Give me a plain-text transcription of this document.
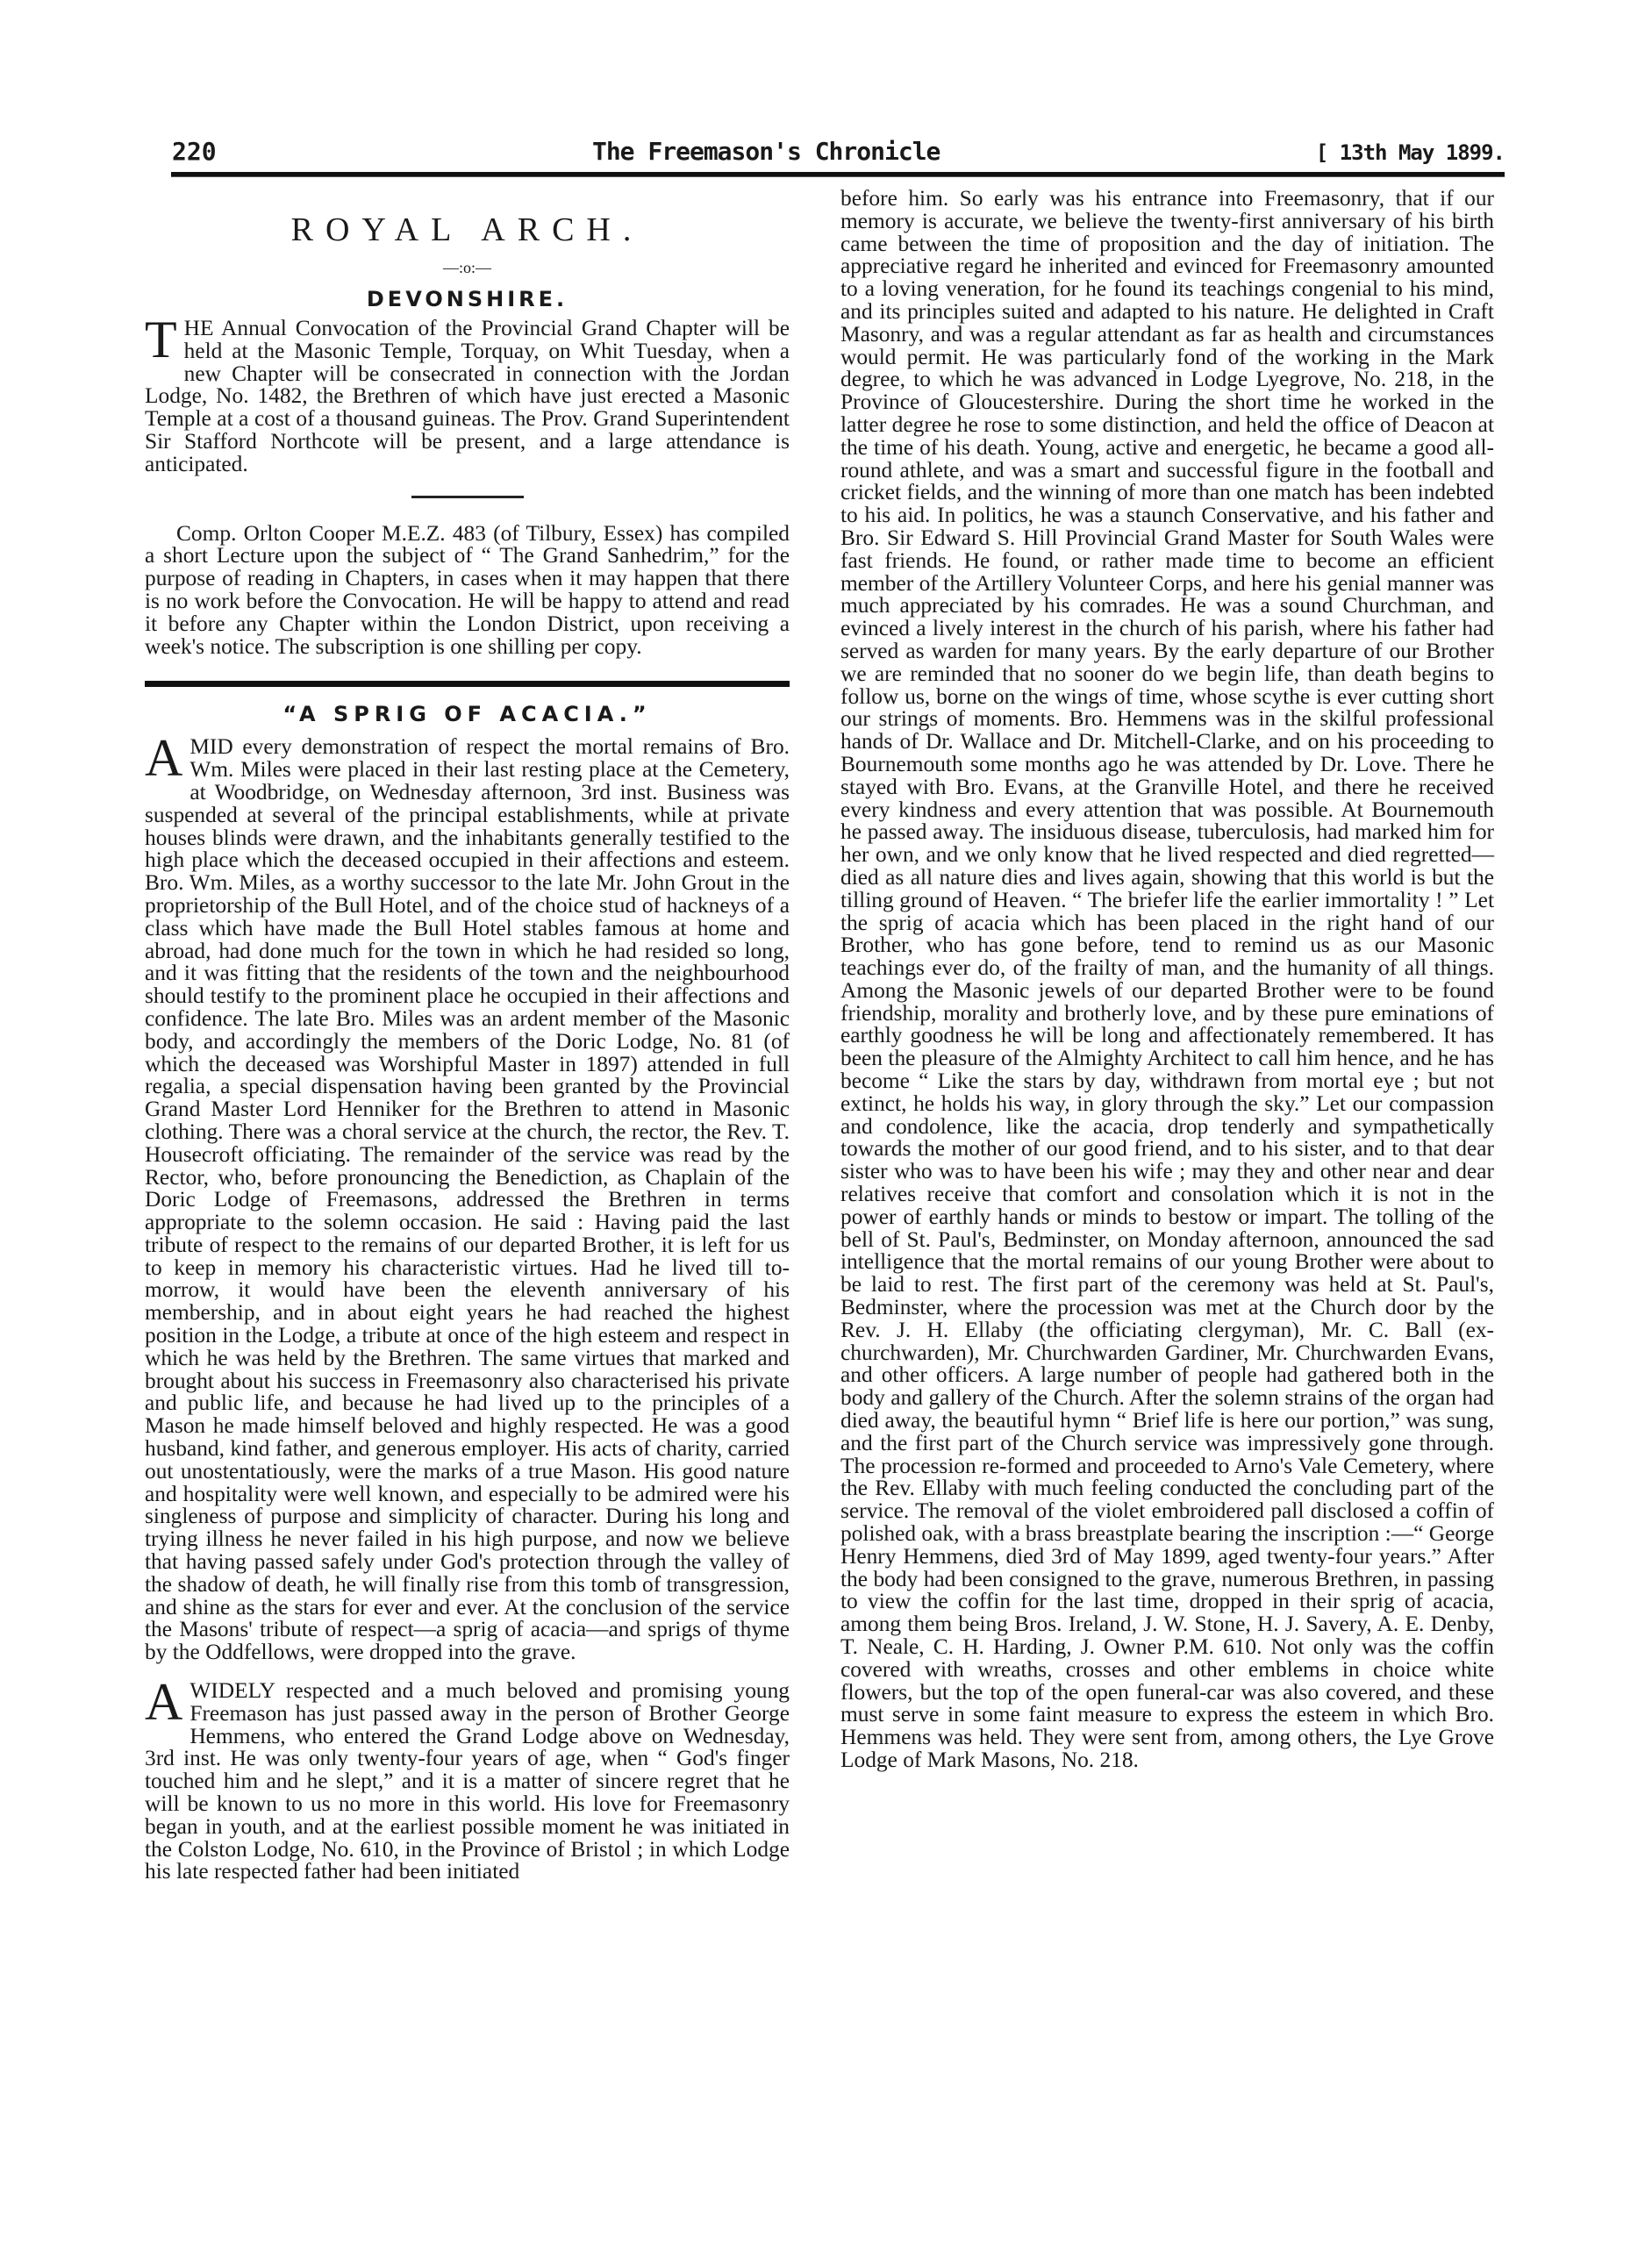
220	The Freemason's Chronicle	[ 13th May 1899.
ROYAL ARCH.
—:o:—
DEVONSHIRE.

THE Annual Convocation of the Provincial Grand Chapter will be held at the Masonic Temple, Torquay, on Whit Tuesday, when a new Chapter will be consecrated in connection with the Jordan Lodge, No. 1482, the Brethren of which have just erected a Masonic Temple at a cost of a thousand guineas. The Prov. Grand Superintendent Sir Stafford Northcote will be present, and a large attendance is anticipated.

Comp. Orlton Cooper M.E.Z. 483 (of Tilbury, Essex) has compiled a short Lecture upon the subject of “ The Grand Sanhedrim,” for the purpose of reading in Chapters, in cases when it may happen that there is no work before the Convocation. He will be happy to attend and read it before any Chapter within the London District, upon receiving a week's notice. The subscription is one shilling per copy.

“A SPRIG OF ACACIA.”

AMID every demonstration of respect the mortal remains of Bro. Wm. Miles were placed in their last resting place at the Cemetery, at Woodbridge, on Wednesday afternoon, 3rd inst. Business was suspended at several of the principal establishments, while at private houses blinds were drawn, and the inhabitants generally testified to the high place which the deceased occupied in their affections and esteem. Bro. Wm. Miles, as a worthy successor to the late Mr. John Grout in the proprietorship of the Bull Hotel, and of the choice stud of hackneys of a class which have made the Bull Hotel stables famous at home and abroad, had done much for the town in which he had resided so long, and it was fitting that the residents of the town and the neighbourhood should testify to the prominent place he occupied in their affections and confidence. The late Bro. Miles was an ardent member of the Masonic body, and accordingly the members of the Doric Lodge, No. 81 (of which the deceased was Worshipful Master in 1897) attended in full regalia, a special dispensation having been granted by the Provincial Grand Master Lord Henniker for the Brethren to attend in Masonic clothing. There was a choral service at the church, the rector, the Rev. T. Housecroft officiating. The remainder of the service was read by the Rector, who, before pronouncing the Benediction, as Chaplain of the Doric Lodge of Freemasons, addressed the Brethren in terms appropriate to the solemn occasion. He said : Having paid the last tribute of respect to the remains of our departed Brother, it is left for us to keep in memory his characteristic virtues. Had he lived till to-morrow, it would have been the eleventh anniversary of his membership, and in about eight years he had reached the highest position in the Lodge, a tribute at once of the high esteem and respect in which he was held by the Brethren. The same virtues that marked and brought about his success in Freemasonry also characterised his private and public life, and because he had lived up to the principles of a Mason he made himself beloved and highly respected. He was a good husband, kind father, and generous employer. His acts of charity, carried out unostentatiously, were the marks of a true Mason. His good nature and hospitality were well known, and especially to be admired were his singleness of purpose and simplicity of character. During his long and trying illness he never failed in his high purpose, and now we believe that having passed safely under God's protection through the valley of the shadow of death, he will finally rise from this tomb of transgression, and shine as the stars for ever and ever. At the conclusion of the service the Masons' tribute of respect—a sprig of acacia—and sprigs of thyme by the Oddfellows, were dropped into the grave.

AWIDELY respected and a much beloved and promising young Freemason has just passed away in the person of Brother George Hemmens, who entered the Grand Lodge above on Wednesday, 3rd inst. He was only twenty-four years of age, when “ God's finger touched him and he slept,” and it is a matter of sincere regret that he will be known to us no more in this world. His love for Freemasonry began in youth, and at the earliest possible moment he was initiated in the Colston Lodge, No. 610, in the Province of Bristol ; in which Lodge his late respected father had been initiated

before him. So early was his entrance into Freemasonry, that if our memory is accurate, we believe the twenty-first anniversary of his birth came between the time of proposition and the day of initiation. The appreciative regard he inherited and evinced for Freemasonry amounted to a loving veneration, for he found its teachings congenial to his mind, and its principles suited and adapted to his nature. He delighted in Craft Masonry, and was a regular attendant as far as health and circumstances would permit. He was particularly fond of the working in the Mark degree, to which he was advanced in Lodge Lyegrove, No. 218, in the Province of Gloucestershire. During the short time he worked in the latter degree he rose to some distinction, and held the office of Deacon at the time of his death. Young, active and energetic, he became a good all-round athlete, and was a smart and successful figure in the football and cricket fields, and the winning of more than one match has been indebted to his aid. In politics, he was a staunch Conservative, and his father and Bro. Sir Edward S. Hill Provincial Grand Master for South Wales were fast friends. He found, or rather made time to become an efficient member of the Artillery Volunteer Corps, and here his genial manner was much appreciated by his comrades. He was a sound Churchman, and evinced a lively interest in the church of his parish, where his father had served as warden for many years. By the early departure of our Brother we are reminded that no sooner do we begin life, than death begins to follow us, borne on the wings of time, whose scythe is ever cutting short our strings of moments. Bro. Hemmens was in the skilful professional hands of Dr. Wallace and Dr. Mitchell-Clarke, and on his proceeding to Bournemouth some months ago he was attended by Dr. Love. There he stayed with Bro. Evans, at the Granville Hotel, and there he received every kindness and every attention that was possible. At Bournemouth he passed away. The insiduous disease, tuberculosis, had marked him for her own, and we only know that he lived respected and died regretted—died as all nature dies and lives again, showing that this world is but the tilling ground of Heaven. “ The briefer life the earlier immortality ! ” Let the sprig of acacia which has been placed in the right hand of our Brother, who has gone before, tend to remind us as our Masonic teachings ever do, of the frailty of man, and the humanity of all things. Among the Masonic jewels of our departed Brother were to be found friendship, morality and brotherly love, and by these pure eminations of earthly goodness he will be long and affectionately remembered. It has been the pleasure of the Almighty Architect to call him hence, and he has become “ Like the stars by day, withdrawn from mortal eye ; but not extinct, he holds his way, in glory through the sky.” Let our compassion and condolence, like the acacia, drop tenderly and sympathetically towards the mother of our good friend, and to his sister, and to that dear sister who was to have been his wife ; may they and other near and dear relatives receive that comfort and consolation which it is not in the power of earthly hands or minds to bestow or impart. The tolling of the bell of St. Paul's, Bedminster, on Monday afternoon, announced the sad intelligence that the mortal remains of our young Brother were about to be laid to rest. The first part of the ceremony was held at St. Paul's, Bedminster, where the procession was met at the Church door by the Rev. J. H. Ellaby (the officiating clergyman), Mr. C. Ball (ex-churchwarden), Mr. Churchwarden Gardiner, Mr. Churchwarden Evans, and other officers. A large number of people had gathered both in the body and gallery of the Church. After the solemn strains of the organ had died away, the beautiful hymn “ Brief life is here our portion,” was sung, and the first part of the Church service was impressively gone through. The procession re-formed and proceeded to Arno's Vale Cemetery, where the Rev. Ellaby with much feeling conducted the concluding part of the service. The removal of the violet embroidered pall disclosed a coffin of polished oak, with a brass breastplate bearing the inscription :—“ George Henry Hemmens, died 3rd of May 1899, aged twenty-four years.” After the body had been consigned to the grave, numerous Brethren, in passing to view the coffin for the last time, dropped in their sprig of acacia, among them being Bros. Ireland, J. W. Stone, H. J. Savery, A. E. Denby, T. Neale, C. H. Harding, J. Owner P.M. 610. Not only was the coffin covered with wreaths, crosses and other emblems in choice white flowers, but the top of the open funeral-car was also covered, and these must serve in some faint measure to express the esteem in which Bro. Hemmens was held. They were sent from, among others, the Lye Grove Lodge of Mark Masons, No. 218.
